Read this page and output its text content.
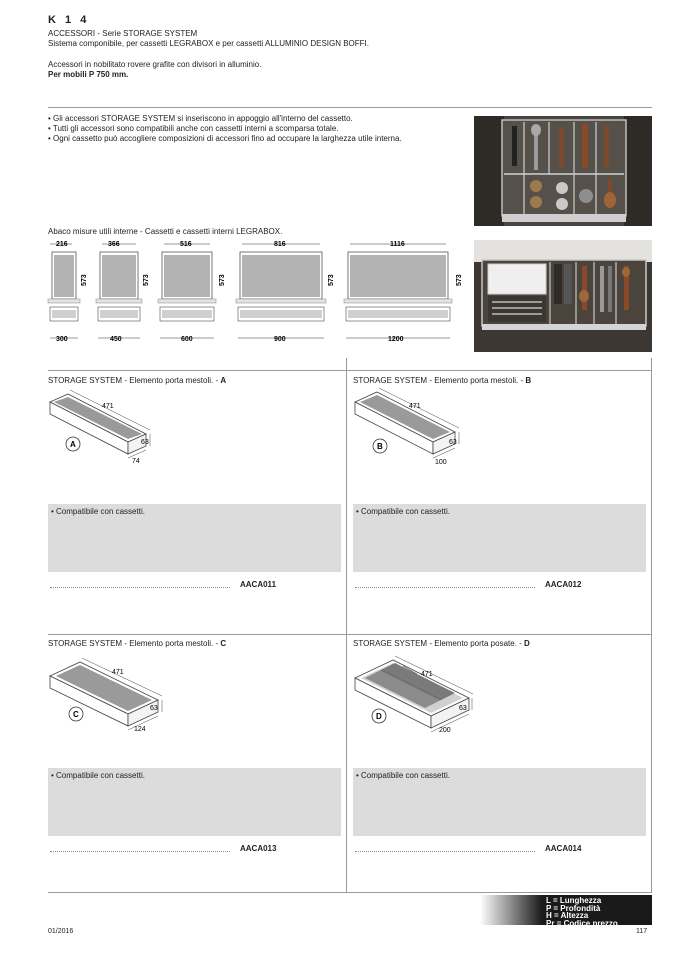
K  1  4
ACCESSORI - Serie STORAGE SYSTEM
Sistema componibile, per cassetti LEGRABOX e per cassetti ALLUMINIO DESIGN BOFFI.
Accessori in nobilitato rovere grafite con divisori in alluminio.
Per mobili P 750 mm.
• Gli accessori STORAGE SYSTEM si inseriscono in appoggio all'interno del cassetto.
• Tutti gli accessori sono compatibili anche con cassetti interni a scomparsa totale.
• Ogni cassetto può accogliere composizioni di accessori fino ad occupare la larghezza utile interna.
Abaco misure utili interne - Cassetti e cassetti interni LEGRABOX.
216
573
300
366
573
450
516
573
600
816
573
900
1116
573
1200
STORAGE SYSTEM - Elemento porta mestoli. - A
471
63
74
A
• Compatibile con cassetti.
AACA011
STORAGE SYSTEM - Elemento porta mestoli. - B
471
63
100
B
• Compatibile con cassetti.
AACA012
STORAGE SYSTEM - Elemento porta mestoli. - C
471
63
124
C
• Compatibile con cassetti.
AACA013
STORAGE SYSTEM - Elemento porta posate. - D
471
63
200
D
• Compatibile con cassetti.
AACA014
L = Lunghezza
P = Profondità
H = Altezza
Pr = Codice prezzo
01/2016	117
